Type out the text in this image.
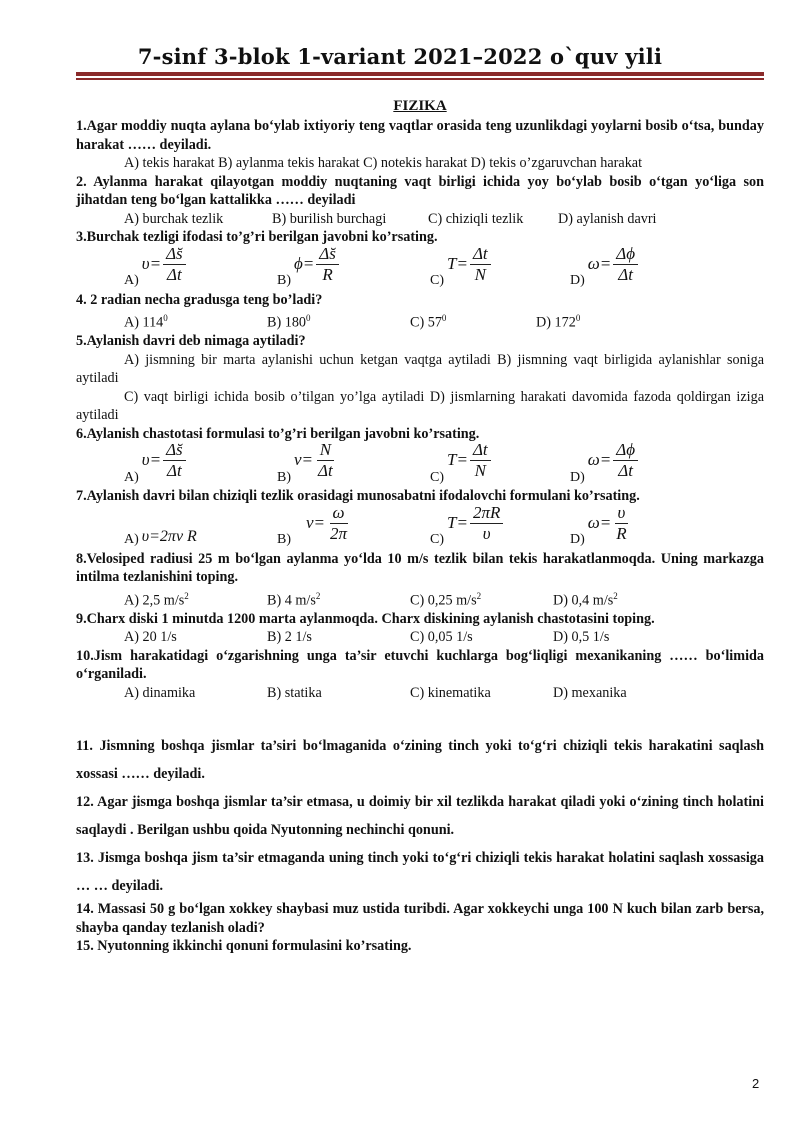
7-sinf 3-blok 1-variant 2021–2022 o`quv yili
FIZIKA
1.Agar moddiy nuqta aylana bo‘ylab ixtiyoriy teng vaqtlar orasida teng uzunlikdagi yoylarni bosib o‘tsa, bunday harakat …… deyiladi.
A) tekis harakat B) aylanma tekis harakat C) notekis harakat D) tekis o’zgaruvchan harakat
2. Aylanma harakat qilayotgan moddiy nuqtaning vaqt birligi ichida yoy bo‘ylab bosib o‘tgan yo‘liga son jihatdan teng bo‘lgan kattalikka …… deyiladi
A) burchak tezlik	B) burilish burchagi	C) chiziqli tezlik	D) aylanish davri
3.Burchak tezligi ifodasi to’g’ri berilgan javobni ko’rsating.
A)
$\upsilon= \frac{\Delta s̆}{\Delta t}$	B)
$\phi= \frac{\Delta s̆}{R}$	C)
$T= \frac{\Delta t}{N}$	D)
$\omega= \frac{\Delta\phi}{\Delta t}$
4. 2 radian necha gradusga teng bo’ladi?
A) $114^0$	B) $180^0$	C) $57^0$	D) $172^0$
5.Aylanish davri deb nimaga aytiladi?
A) jismning bir marta aylanishi uchun ketgan vaqtga aytiladi B) jismning vaqt birligida aylanishlar soniga aytiladi
C) vaqt birligi ichida bosib o’tilgan yo’lga aytiladi D) jismlarning harakati davomida fazoda qoldirgan iziga aytiladi
6.Aylanish chastotasi formulasi to’g’ri berilgan javobni ko’rsating.
A)
$\upsilon= \frac{\Delta s̆}{\Delta t}$	B)
$\nu= \frac{N}{\Delta t}$	C)
$T= \frac{\Delta t}{N}$	D)
$\omega= \frac{\Delta\phi}{\Delta t}$
7.Aylanish davri bilan chiziqli tezlik orasidagi munosabatni ifodalovchi formulani ko’rsating.
A) υ=2πν R	B)
$\nu= \frac{\omega}{2\pi}$	C)
$T= \frac{2\pi R}{\upsilon}$	D)
$\omega= \frac{\upsilon}{R}$
8.Velosiped radiusi 25 m bo‘lgan aylanma yo‘lda 10 m/s tezlik bilan tekis harakatlanmoqda. Uning markazga intilma tezlanishini toping.
A) 2,5 $m/s^2$	B) 4 $m/s^2$	C) 0,25 $m/s^2$	D) 0,4 $m/s^2$
9.Charx diski 1 minutda 1200 marta aylanmoqda. Charx diskining aylanish chastotasini toping.
A) 20 1/s	B) 2 1/s	C) 0,05 1/s	D) 0,5 1/s
10.Jism harakatidagi o‘zgarishning unga ta’sir etuvchi kuchlarga bog‘liqligi mexanikaning …… bo‘limida o‘rganiladi.
A) dinamika	B) statika	C) kinematika	D) mexanika
11. Jismning boshqa jismlar ta’siri bo‘lmaganida o‘zining tinch yoki to‘g‘ri chiziqli tekis harakatini saqlash xossasi …… deyiladi.
12. Agar jismga boshqa jismlar ta’sir etmasa, u doimiy bir xil tezlikda harakat qiladi yoki o‘zining tinch holatini saqlaydi . Berilgan ushbu qoida Nyutonning nechinchi qonuni.
13. Jismga boshqa jism ta’sir etmaganda uning tinch yoki to‘g‘ri chiziqli tekis harakat holatini saqlash xossasiga … … deyiladi.
14. Massasi 50 g bo‘lgan xokkey shaybasi muz ustida turibdi. Agar xokkeychi unga 100 N kuch bilan zarb bersa, shayba qanday tezlanish oladi?
15. Nyutonning ikkinchi qonuni formulasini ko’rsating.
2
